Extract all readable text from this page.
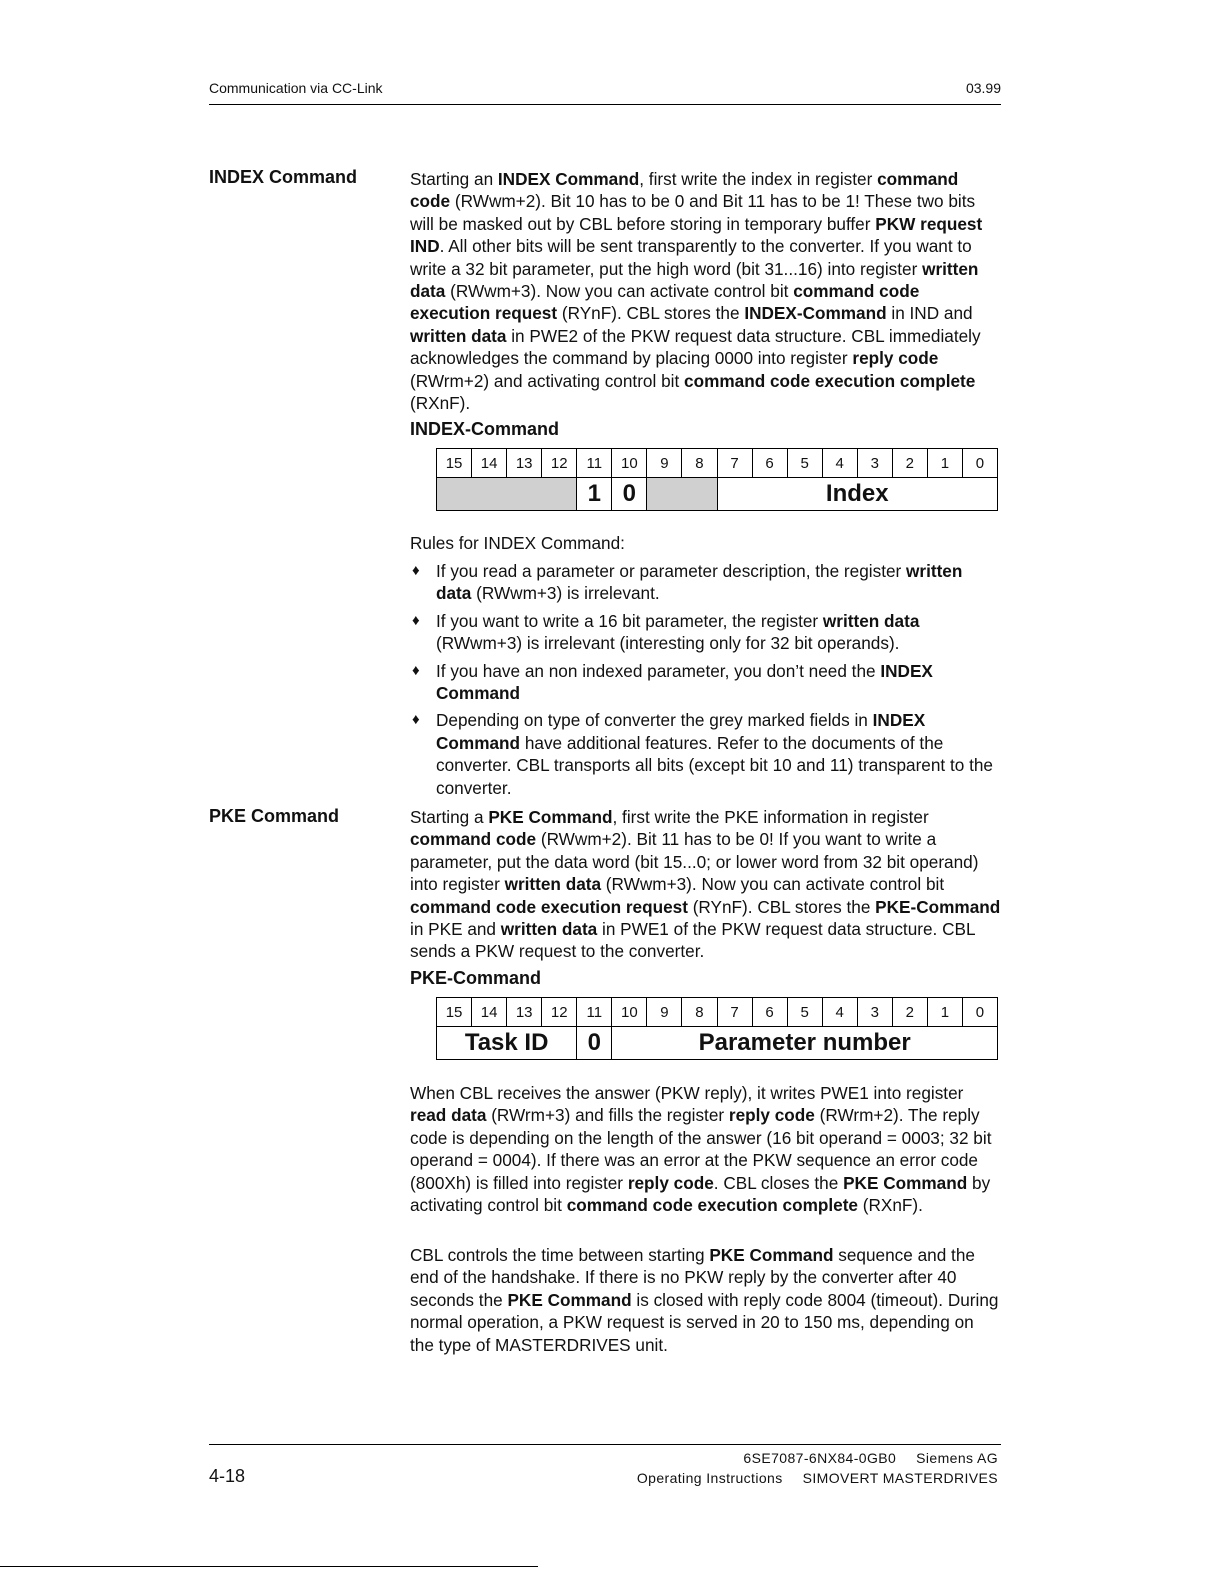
Communication via CC-Link	03.99
INDEX Command	Starting an INDEX Command, first write the index in register command code (RWwm+2). Bit 10 has to be 0 and Bit 11 has to be 1! These two bits will be masked out by CBL before storing in temporary buffer PKW request IND. All other bits will be sent transparently to the converter. If you want to write a 32 bit parameter, put the high word (bit 31...16) into register written data (RWwm+3). Now you can activate control bit command code execution request (RYnF). CBL stores the INDEX-Command in IND and written data in PWE2 of the PKW request data structure. CBL immediately acknowledges the command by placing 0000 into register reply code (RWrm+2) and activating control bit command code execution complete (RXnF).

INDEX-Command
15	14	13	12	11	10	9	8	7	6	5	4	3	2	1	0
				1	0			Index							
Rules for INDEX Command:
♦ If you read a parameter or parameter description, the register written data (RWwm+3) is irrelevant.
♦ If you want to write a 16 bit parameter, the register written data (RWwm+3) is irrelevant (interesting only for 32 bit operands).
♦ If you have an non indexed parameter, you don’t need the INDEX Command
♦ Depending on type of converter the grey marked fields in INDEX Command have additional features. Refer to the documents of the converter. CBL transports all bits (except bit 10 and 11) transparent to the converter.
PKE Command	Starting a PKE Command, first write the PKE information in register command code (RWwm+2). Bit 11 has to be 0! If you want to write a parameter, put the data word (bit 15...0; or lower word from 32 bit operand) into register written data (RWwm+3). Now you can activate control bit command code execution request (RYnF). CBL stores the PKE-Command in PKE and written data in PWE1 of the PKW request data structure. CBL sends a PKW request to the converter.

PKE-Command
15	14	13	12	11	10	9	8	7	6	5	4	3	2	1	0
Task ID				0	Parameter number										

When CBL receives the answer (PKW reply), it writes PWE1 into register read data (RWrm+3) and fills the register reply code (RWrm+2). The reply code is depending on the length of the answer (16 bit operand = 0003; 32 bit operand = 0004). If there was an error at the PKW sequence an error code (800Xh) is filled into register reply code. CBL closes the PKE Command by activating control bit command code execution complete (RXnF).

CBL controls the time between starting PKE Command sequence and the end of the handshake. If there is no PKW reply by the converter after 40 seconds the PKE Command is closed with reply code 8004 (timeout). During normal operation, a PKW request is served in 20 to 150 ms, depending on the type of MASTERDRIVES unit.

4-18
6SE7087-6NX84-0GB0 Siemens AG
Operating Instructions SIMOVERT MASTERDRIVES
